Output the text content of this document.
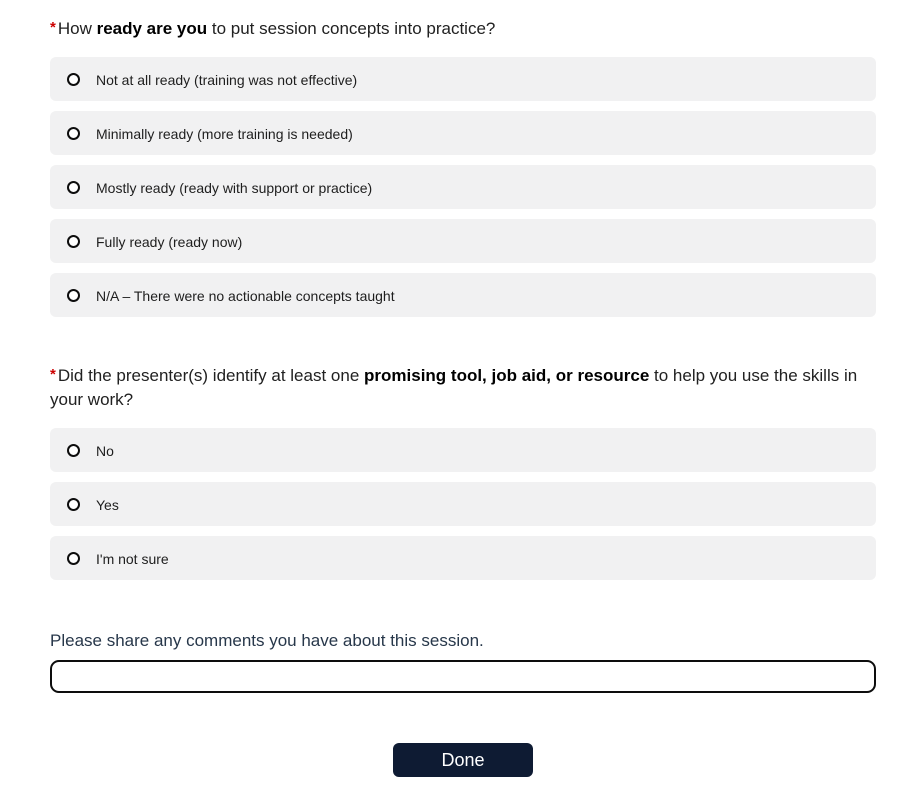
* How ready are you to put session concepts into practice?

Not at all ready (training was not effective)
Minimally ready (more training is needed)
Mostly ready (ready with support or practice)
Fully ready (ready now)
N/A – There were no actionable concepts taught

* Did the presenter(s) identify at least one promising tool, job aid, or resource to help you use the skills in your work?

No
Yes
I'm not sure

Please share any comments you have about this session.

Done
